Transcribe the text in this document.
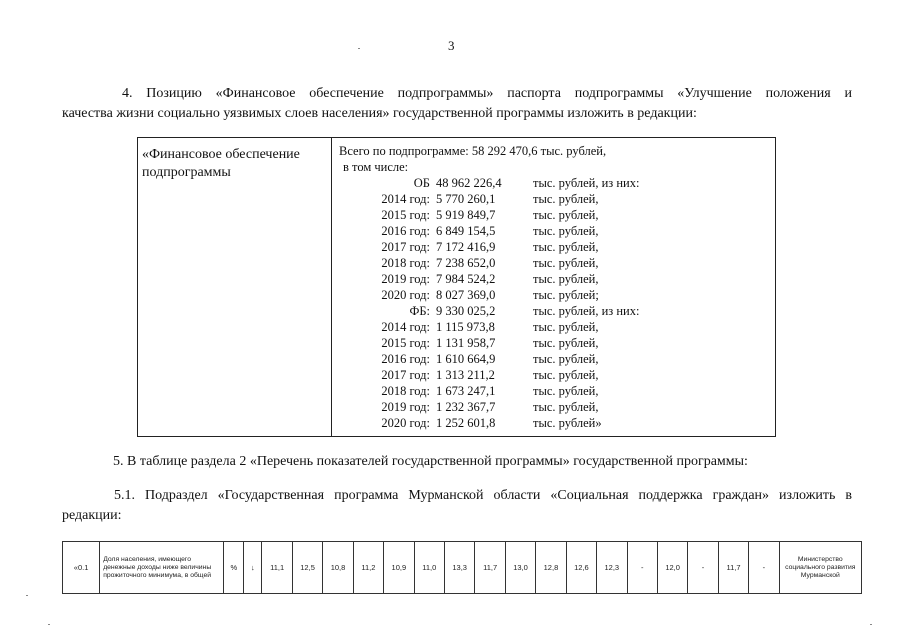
3

4. Позицию «Финансовое обеспечение подпрограммы» паспорта подпрограммы «Улучшение положения и
качества жизни социально уязвимых слоев населения» государственной программы изложить в редакции:

«Финансовое обеспечение подпрограммы
Всего по подпрограмме: 58 292 470,6 тыс. рублей,
в том числе:
ОБ 48 962 226,4	тыс. рублей, из них:
2014 год: 5 770 260,1	тыс. рублей,
2015 год: 5 919 849,7	тыс. рублей,
2016 год: 6 849 154,5	тыс. рублей,
2017 год: 7 172 416,9	тыс. рублей,
2018 год: 7 238 652,0	тыс. рублей,
2019 год: 7 984 524,2	тыс. рублей,
2020 год: 8 027 369,0	тыс. рублей;
ФБ: 9 330 025,2	тыс. рублей, из них:
2014 год: 1 115 973,8	тыс. рублей,
2015 год: 1 131 958,7	тыс. рублей,
2016 год: 1 610 664,9	тыс. рублей,
2017 год: 1 313 211,2	тыс. рублей,
2018 год: 1 673 247,1	тыс. рублей,
2019 год: 1 232 367,7	тыс. рублей,
2020 год: 1 252 601,8	тыс. рублей»

5. В таблице раздела 2 «Перечень показателей государственной программы» государственной программы:

5.1. Подраздел «Государственная программа Мурманской области «Социальная поддержка граждан» изложить в
редакции:

«0.1	Доля населения, имеющего денежные доходы ниже величины прожиточного минимума, в общей	%	↓	11,1	12,5	10,8	11,2	10,9	11,0	13,3	11,7	13,0	12,8	12,6	12,3	-	12,0	-	11,7	-	Министерство социального развития Мурманской
